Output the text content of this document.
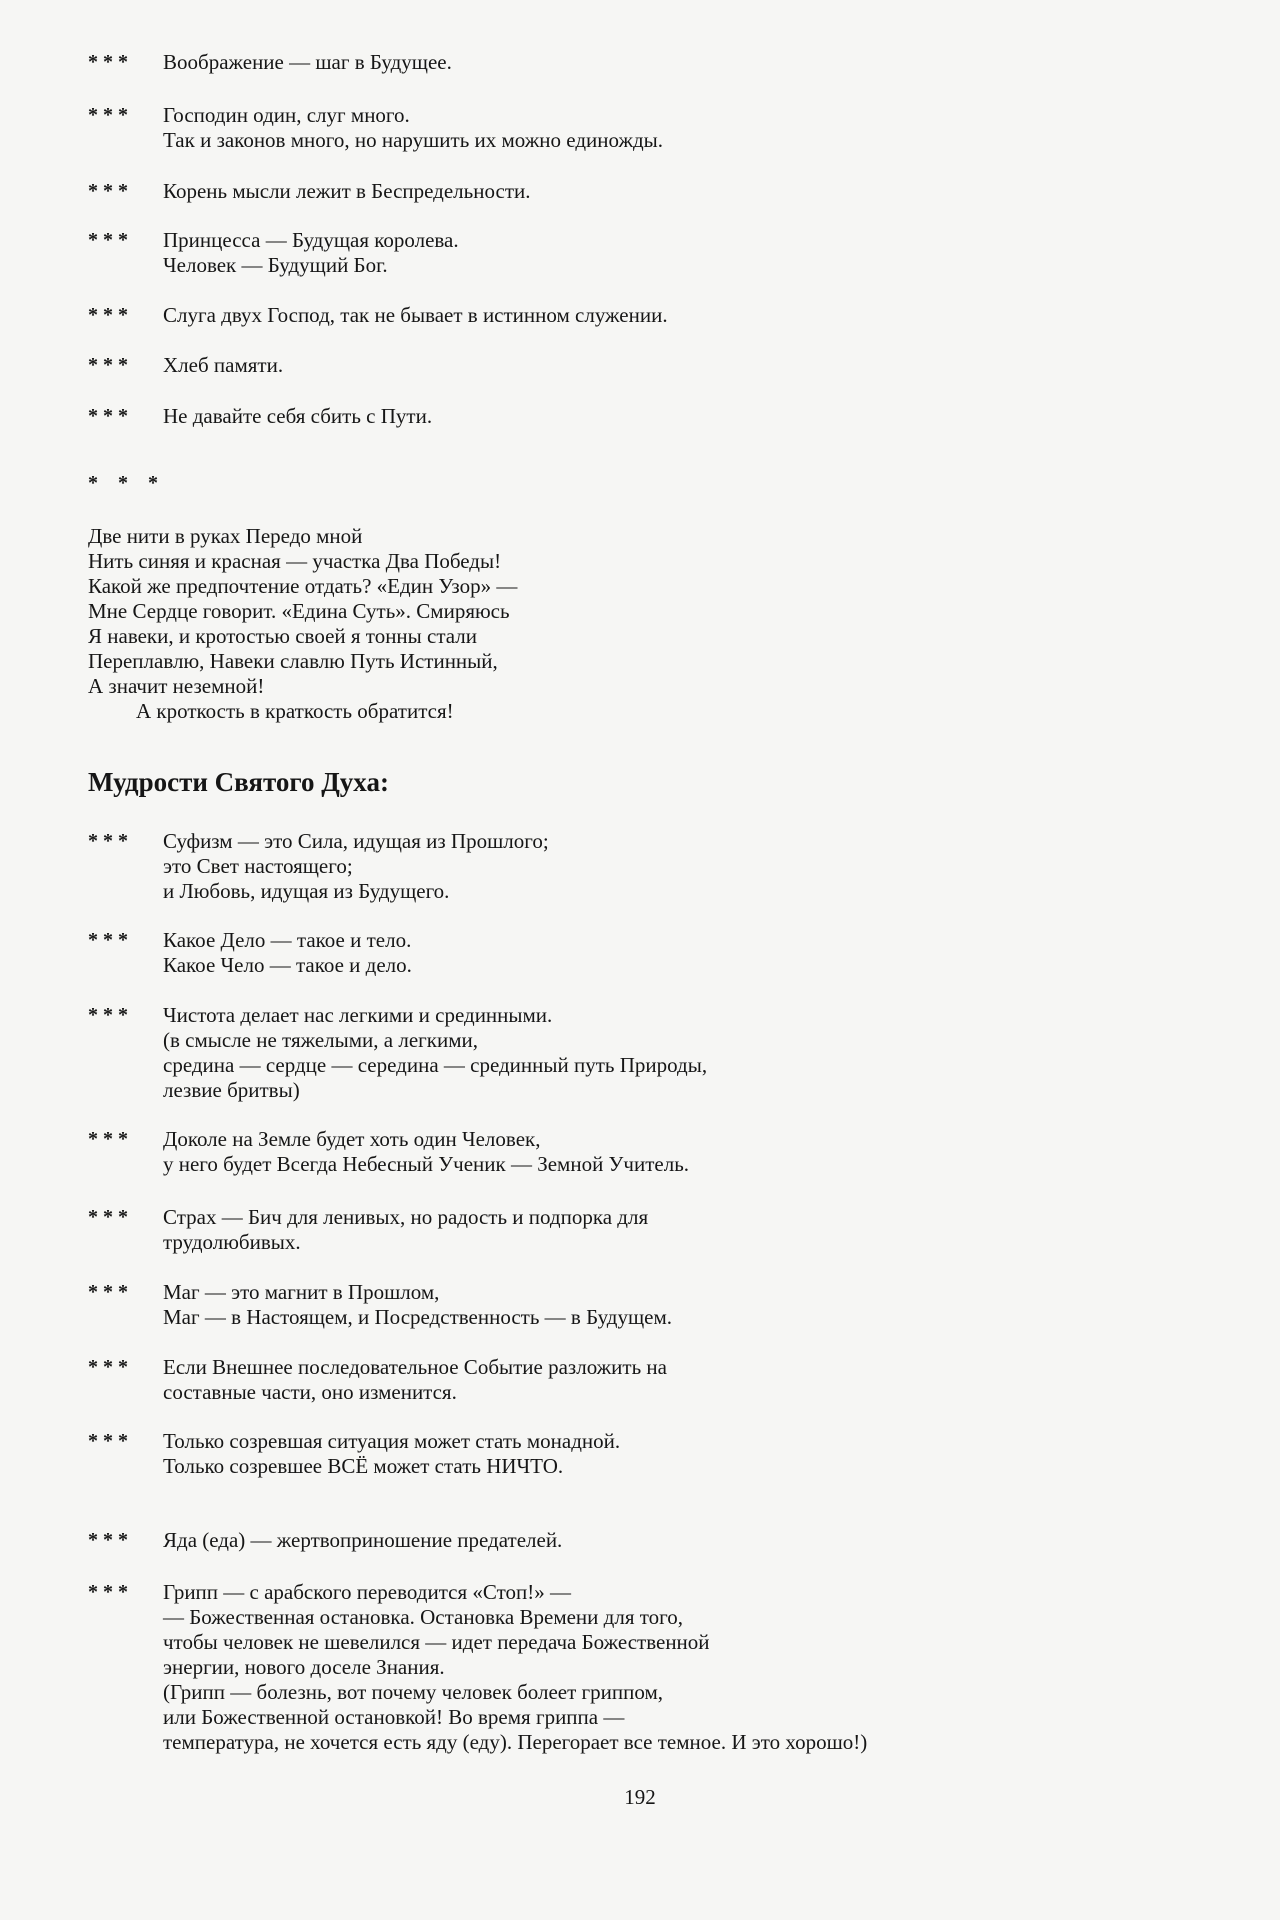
* * *	Воображение — шаг в Будущее.
* * *	Господин один, слуг много.
Так и законов много, но нарушить их можно единожды.
* * *	Корень мысли лежит в Беспредельности.
* * *	Принцесса — Будущая королева.
Человек — Будущий Бог.
* * *	Слуга двух Господ, так не бывает в истинном служении.
* * *	Хлеб памяти.
* * *	Не давайте себя сбить с Пути.
*    *    *
Две нити в руках Передо мной
Нить синяя и красная — участка Два Победы!
Какой же предпочтение отдать? «Един Узор» —
Мне Сердце говорит. «Едина Суть». Смиряюсь
Я навеки, и кротостью своей я тонны стали
Переплавлю, Навеки славлю Путь Истинный,
А значит неземной!
А кроткость в краткость обратится!
Мудрости Святого Духа:
* * *	Суфизм — это Сила, идущая из Прошлого;
это Свет настоящего;
и Любовь, идущая из Будущего.
* * *	Какое Дело — такое и тело.
Какое Чело — такое и дело.
* * *	Чистота делает нас легкими и срединными.
(в смысле не тяжелыми, а легкими,
средина — сердце — середина — срединный путь Природы,
лезвие бритвы)
* * *	Доколе на Земле будет хоть один Человек,
у него будет Всегда Небесный Ученик — Земной Учитель.
* * *	Страх — Бич для ленивых, но радость и подпорка для
трудолюбивых.
* * *	Маг — это магнит в Прошлом,
Маг — в Настоящем, и Посредственность — в Будущем.
* * *	Если Внешнее последовательное Событие разложить на
составные части, оно изменится.
* * *	Только созревшая ситуация может стать монадной.
Только созревшее ВСЁ может стать НИЧТО.
* * *	Яда (еда) — жертвоприношение предателей.
* * *	Грипп — с арабского переводится «Стоп!» —
— Божественная остановка. Остановка Времени для того,
чтобы человек не шевелился — идет передача Божественной
энергии, нового доселе Знания.
(Грипп — болезнь, вот почему человек болеет гриппом,
или Божественной остановкой! Во время гриппа —
температура, не хочется есть яду (еду). Перегорает все темное. И это хорошо!)
192
